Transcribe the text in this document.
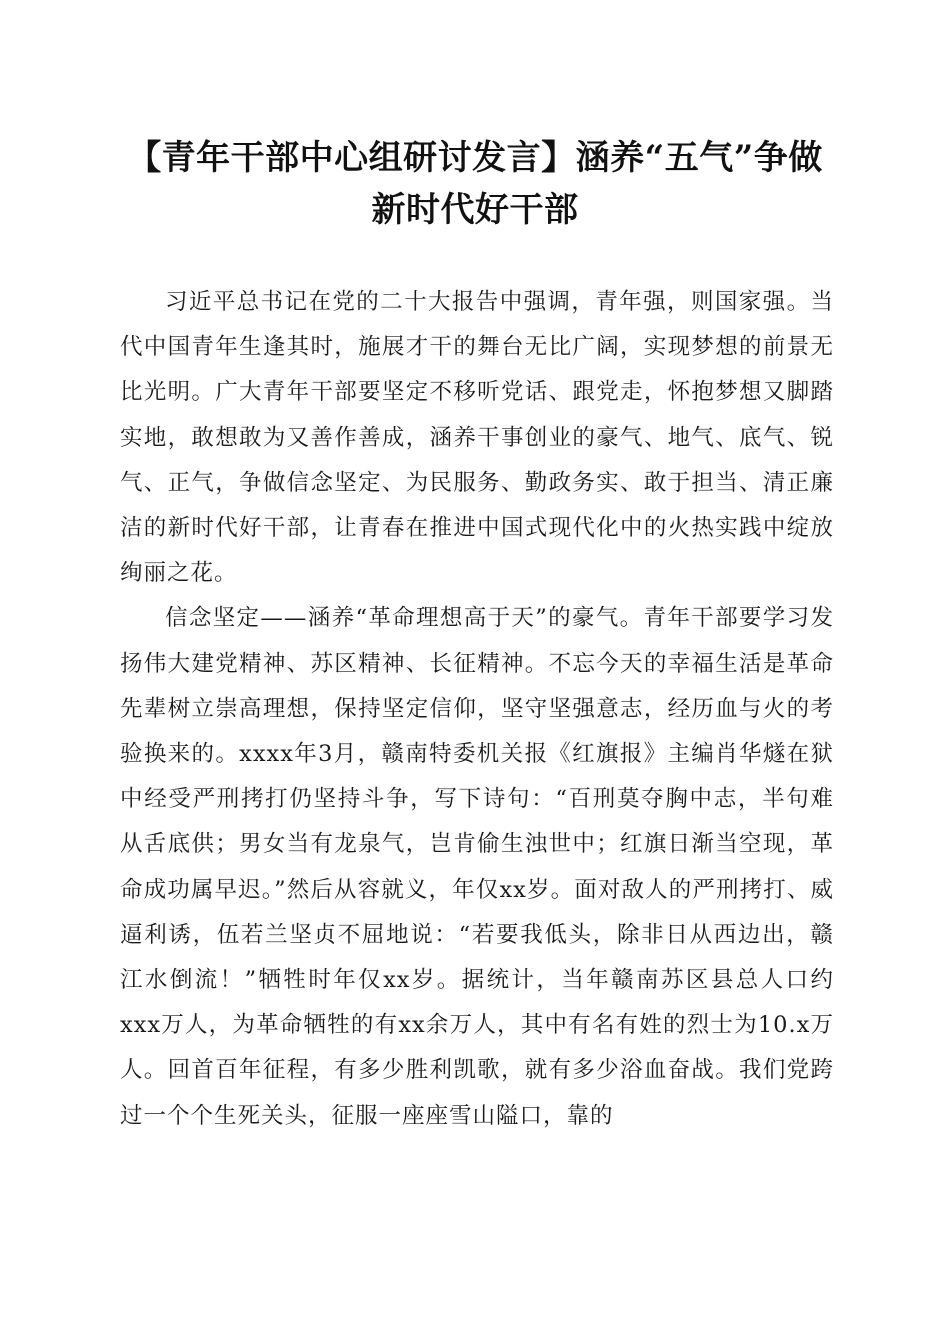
【青年干部中心组研讨发言】涵养“五气”争做新时代好干部

习近平总书记在党的二十大报告中强调，青年强，则国家强。当代中国青年生逢其时，施展才干的舞台无比广阔，实现梦想的前景无比光明。广大青年干部要坚定不移听党话、跟党走，怀抱梦想又脚踏实地，敢想敢为又善作善成，涵养干事创业的豪气、地气、底气、锐气、正气，争做信念坚定、为民服务、勤政务实、敢于担当、清正廉洁的新时代好干部，让青春在推进中国式现代化中的火热实践中绽放绚丽之花。

信念坚定——涵养“革命理想高于天”的豪气。青年干部要学习发扬伟大建党精神、苏区精神、长征精神。不忘今天的幸福生活是革命先辈树立崇高理想，保持坚定信仰，坚守坚强意志，经历血与火的考验换来的。xxxx年3月，赣南特委机关报《红旗报》主编肖华燧在狱中经受严刑拷打仍坚持斗争，写下诗句：“百刑莫夺胸中志，半句难从舌底供；男女当有龙泉气，岂肯偷生浊世中；红旗日渐当空现，革命成功属早迟。”然后从容就义，年仅xx岁。面对敌人的严刑拷打、威逼利诱，伍若兰坚贞不屈地说：“若要我低头，除非日从西边出，赣江水倒流！”牺牲时年仅xx岁。据统计，当年赣南苏区县总人口约xxx万人，为革命牺牲的有xx余万人，其中有名有姓的烈士为10.x万人。回首百年征程，有多少胜利凯歌，就有多少浴血奋战。我们党跨过一个个生死关头，征服一座座雪山隘口，靠的
